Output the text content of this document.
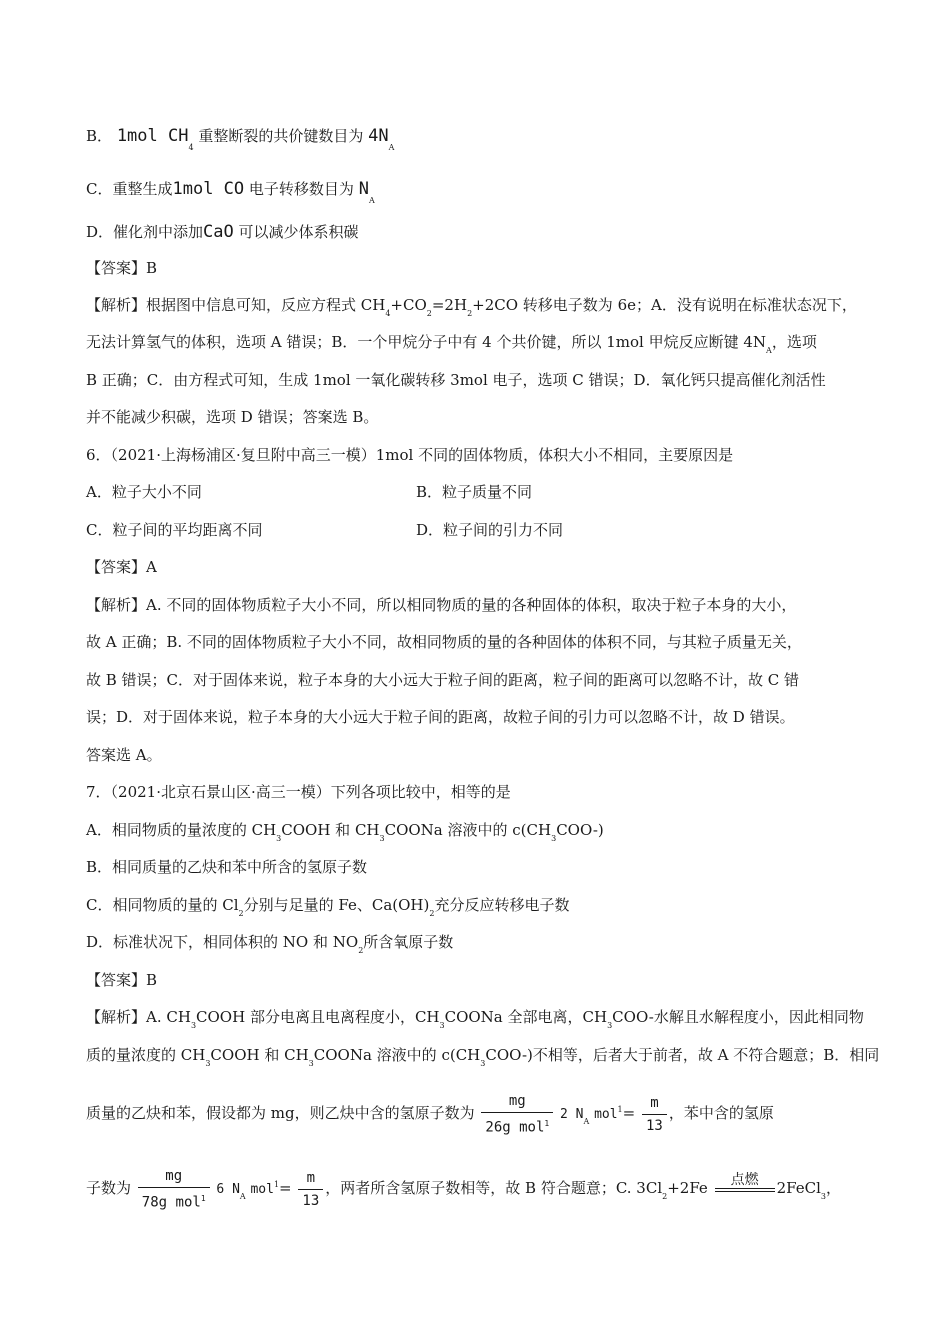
B． 1mol $CH_4$ 重整断裂的共价键数目为 $4N_A$
C．重整生成1mol CO 电子转移数目为 $N_A$
D．催化剂中添加CaO 可以减少体系积碳
【答案】B
【解析】根据图中信息可知，反应方程式 $CH_4+CO_2=2H_2+2CO$ 转移电子数为 6e；A．没有说明在标准状态况下，
无法计算氢气的体积，选项 A 错误；B．一个甲烷分子中有 4 个共价键，所以 1mol 甲烷反应断键 $4N_A$，选项
B 正确；C．由方程式可知，生成 1mol 一氧化碳转移 3mol 电子，选项 C 错误；D．氧化钙只提高催化剂活性
并不能减少积碳，选项 D 错误；答案选 B。
6．（2021·上海杨浦区·复旦附中高三一模）1mol 不同的固体物质，体积大小不相同，主要原因是
A．粒子大小不同	B．粒子质量不同
C．粒子间的平均距离不同	D．粒子间的引力不同
【答案】A
【解析】A. 不同的固体物质粒子大小不同，所以相同物质的量的各种固体的体积，取决于粒子本身的大小，
故 A 正确；B. 不同的固体物质粒子大小不同，故相同物质的量的各种固体的体积不同，与其粒子质量无关，
故 B 错误；C．对于固体来说，粒子本身的大小远大于粒子间的距离，粒子间的距离可以忽略不计，故 C 错
误；D．对于固体来说，粒子本身的大小远大于粒子间的距离，故粒子间的引力可以忽略不计，故 D 错误。
答案选 A。
7．（2021·北京石景山区·高三一模）下列各项比较中，相等的是
A．相同物质的量浓度的 $CH_3COOH$ 和 $CH_3COONa$ 溶液中的 $c(CH_3COO-)$
B．相同质量的乙炔和苯中所含的氢原子数
C．相同物质的量的 $Cl_2$分别与足量的 Fe、$Ca(OH)_2$充分反应转移电子数
D．标准状况下，相同体积的 NO 和 $NO_2$所含氧原子数
【答案】B
【解析】A. $CH_3COOH$ 部分电离且电离程度小，$CH_3COONa$ 全部电离，$CH_3COO-$水解且水解程度小，因此相同物
质的量浓度的 $CH_3COOH$ 和 $CH_3COONa$ 溶液中的 $c(CH_3COO-)$不相等，后者大于前者，故 A 不符合题意；B．相同
质量的乙炔和苯，假设都为 mg，则乙炔中含的氢原子数为 $\frac{mg}{26g mol^1} 2$ $N_A$ $mol^1= \frac{m}{13}$ ，苯中含的氢原
子数为 $\frac{mg}{78g mol^1} 6$ $N_A$ $mol^1= \frac{m}{13}$ ，两者所含氢原子数相等，故 B 符合题意；C. $3Cl_2+2Fe$	点燃	2FeCl$_3$，
